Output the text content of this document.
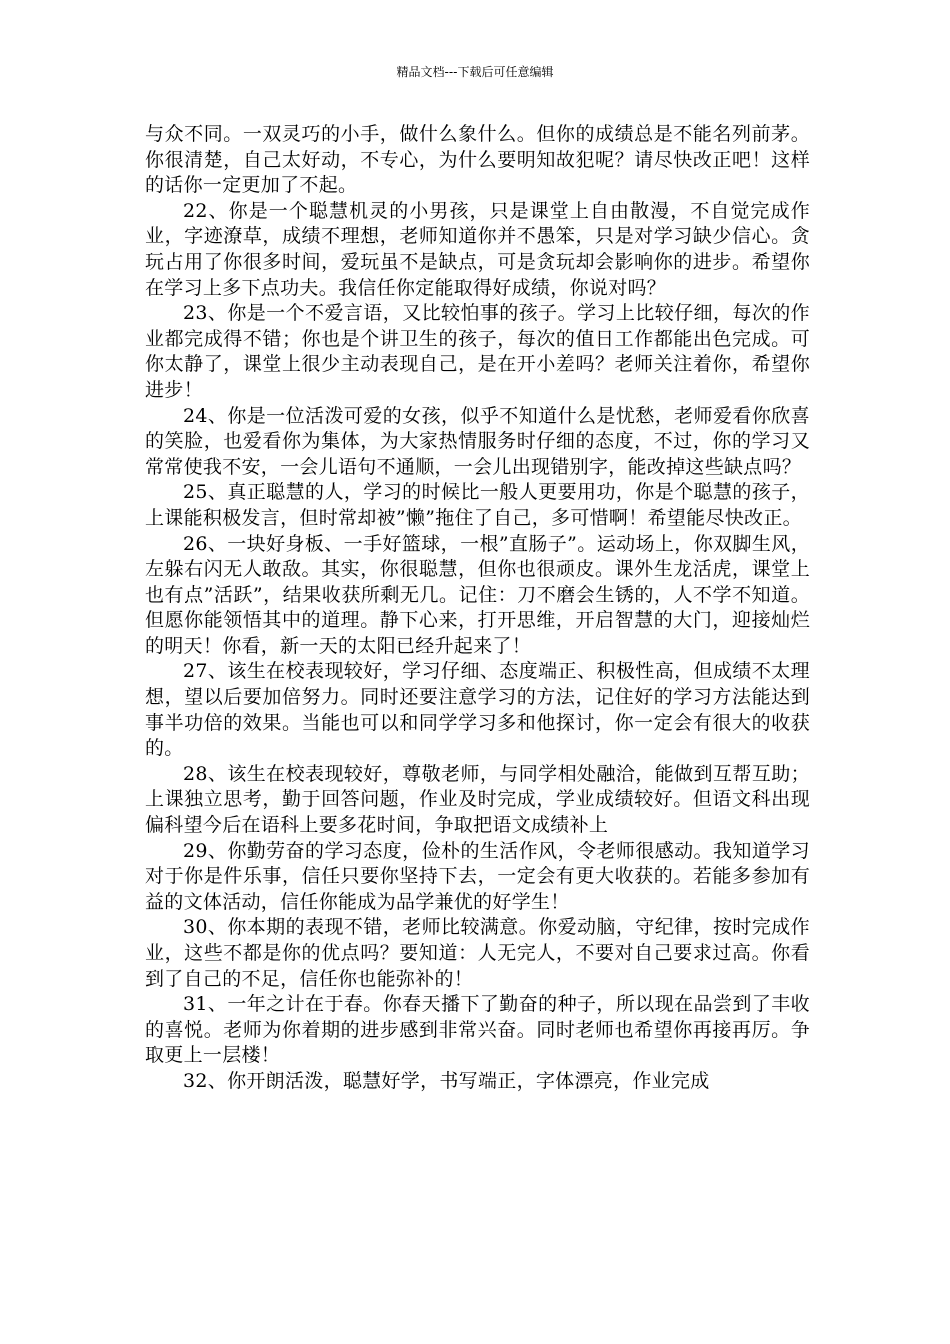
精品文档---下载后可任意编辑

与众不同。一双灵巧的小手，做什么象什么。但你的成绩总是不能名列前茅。你很清楚，自己太好动，不专心，为什么要明知故犯呢？请尽快改正吧！这样的话你一定更加了不起。

22、你是一个聪慧机灵的小男孩，只是课堂上自由散漫，不自觉完成作业，字迹潦草，成绩不理想，老师知道你并不愚笨，只是对学习缺少信心。贪玩占用了你很多时间，爱玩虽不是缺点，可是贪玩却会影响你的进步。希望你在学习上多下点功夫。我信任你定能取得好成绩，你说对吗？

23、你是一个不爱言语，又比较怕事的孩子。学习上比较仔细，每次的作业都完成得不错；你也是个讲卫生的孩子，每次的值日工作都能出色完成。可你太静了，课堂上很少主动表现自己，是在开小差吗？老师关注着你，希望你进步！

24、你是一位活泼可爱的女孩，似乎不知道什么是忧愁，老师爱看你欣喜的笑脸，也爱看你为集体，为大家热情服务时仔细的态度，不过，你的学习又常常使我不安，一会儿语句不通顺，一会儿出现错别字，能改掉这些缺点吗？

25、真正聪慧的人，学习的时候比一般人更要用功，你是个聪慧的孩子，上课能积极发言，但时常却被”懒”拖住了自己，多可惜啊！希望能尽快改正。

26、一块好身板、一手好篮球，一根”直肠子”。运动场上，你双脚生风，左躲右闪无人敢敌。其实，你很聪慧，但你也很顽皮。课外生龙活虎，课堂上也有点”活跃”，结果收获所剩无几。记住：刀不磨会生锈的，人不学不知道。但愿你能领悟其中的道理。静下心来，打开思维，开启智慧的大门，迎接灿烂的明天！你看，新一天的太阳已经升起来了！

27、该生在校表现较好，学习仔细、态度端正、积极性高，但成绩不太理想，望以后要加倍努力。同时还要注意学习的方法，记住好的学习方法能达到事半功倍的效果。当能也可以和同学学习多和他探讨，你一定会有很大的收获的。

28、该生在校表现较好，尊敬老师，与同学相处融洽，能做到互帮互助；上课独立思考，勤于回答问题，作业及时完成，学业成绩较好。但语文科出现偏科望今后在语科上要多花时间，争取把语文成绩补上

29、你勤劳奋的学习态度，俭朴的生活作风，令老师很感动。我知道学习对于你是件乐事，信任只要你坚持下去，一定会有更大收获的。若能多参加有益的文体活动，信任你能成为品学兼优的好学生！

30、你本期的表现不错，老师比较满意。你爱动脑，守纪律，按时完成作业，这些不都是你的优点吗？要知道：人无完人，不要对自己要求过高。你看到了自己的不足，信任你也能弥补的！

31、一年之计在于春。你春天播下了勤奋的种子，所以现在品尝到了丰收的喜悦。老师为你着期的进步感到非常兴奋。同时老师也希望你再接再厉。争取更上一层楼！

32、你开朗活泼，聪慧好学，书写端正，字体漂亮，作业完成
